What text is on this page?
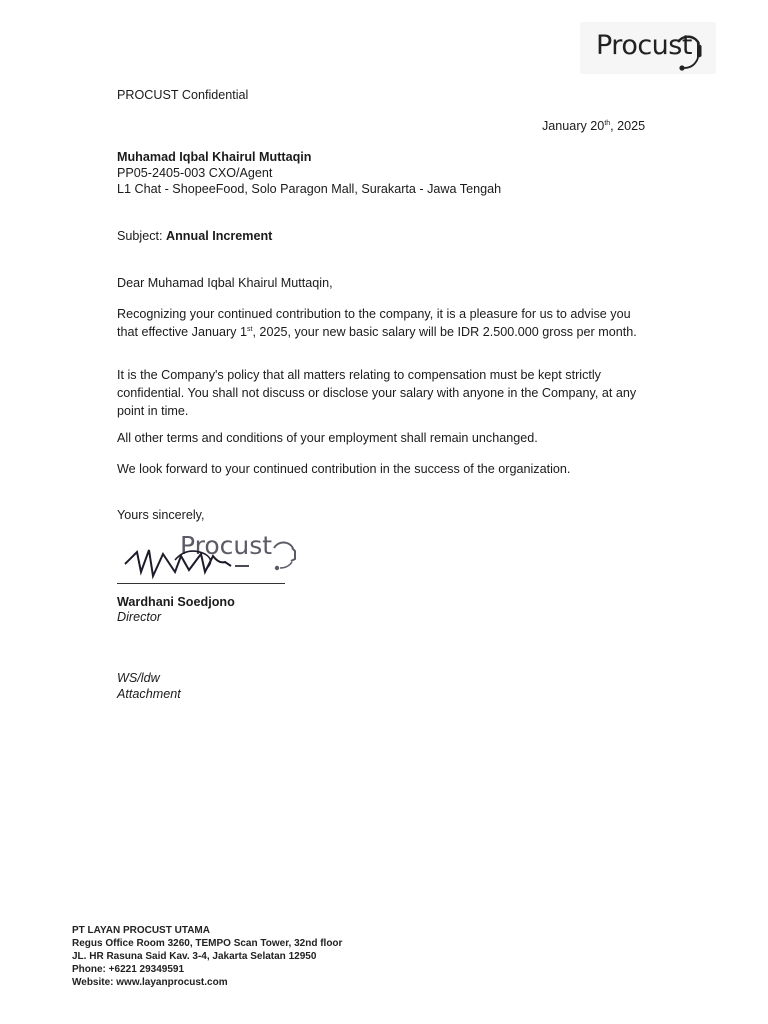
Procust
PROCUST Confidential
January 20th, 2025
Muhamad Iqbal Khairul Muttaqin
PP05-2405-003 CXO/Agent
L1 Chat - ShopeeFood, Solo Paragon Mall, Surakarta - Jawa Tengah
Subject: Annual Increment
Dear Muhamad Iqbal Khairul Muttaqin,
Recognizing your continued contribution to the company, it is a pleasure for us to advise you that effective January 1st, 2025, your new basic salary will be IDR 2.500.000 gross per month.
It is the Company's policy that all matters relating to compensation must be kept strictly confidential. You shall not discuss or disclose your salary with anyone in the Company, at any point in time.
All other terms and conditions of your employment shall remain unchanged.
We look forward to your continued contribution in the success of the organization.
Yours sincerely,
Procust
Wardhani Soedjono
Director
WS/ldw
Attachment
PT LAYAN PROCUST UTAMA
Regus Office Room 3260, TEMPO Scan Tower, 32nd floor
JL. HR Rasuna Said Kav. 3-4, Jakarta Selatan 12950
Phone: +6221 29349591
Website: www.layanprocust.com
